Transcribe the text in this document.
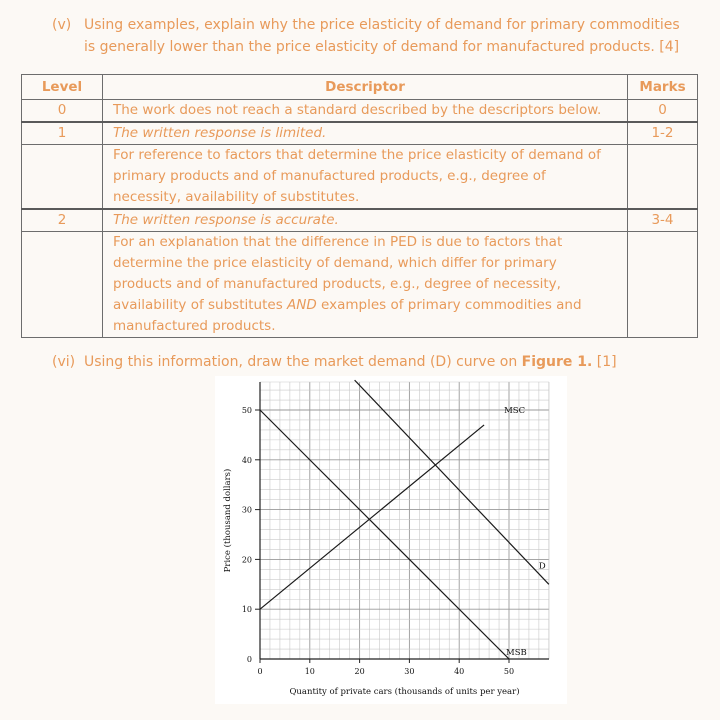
(v) Using examples, explain why the price elasticity of demand for primary commodities is generally lower than the price elasticity of demand for manufactured products. [4]
Level	Descriptor	Marks
0	The work does not reach a standard described by the descriptors below.	0
1	The written response is limited.	1-2
	For reference to factors that determine the price elasticity of demand of primary products and of manufactured products, e.g., degree of necessity, availability of substitutes.	
2	The written response is accurate.	3-4
	For an explanation that the difference in PED is due to factors that determine the price elasticity of demand, which differ for primary products and of manufactured products, e.g., degree of necessity, availability of substitutes AND examples of primary commodities and manufactured products.	
(vi) Using this information, draw the market demand (D) curve on Figure 1. [1]
10
20
30
40
50
0
0	10	20	30	40	50
Price (thousand dollars)
Quantity of private cars (thousands of units per year)
MSC
D
MSB
